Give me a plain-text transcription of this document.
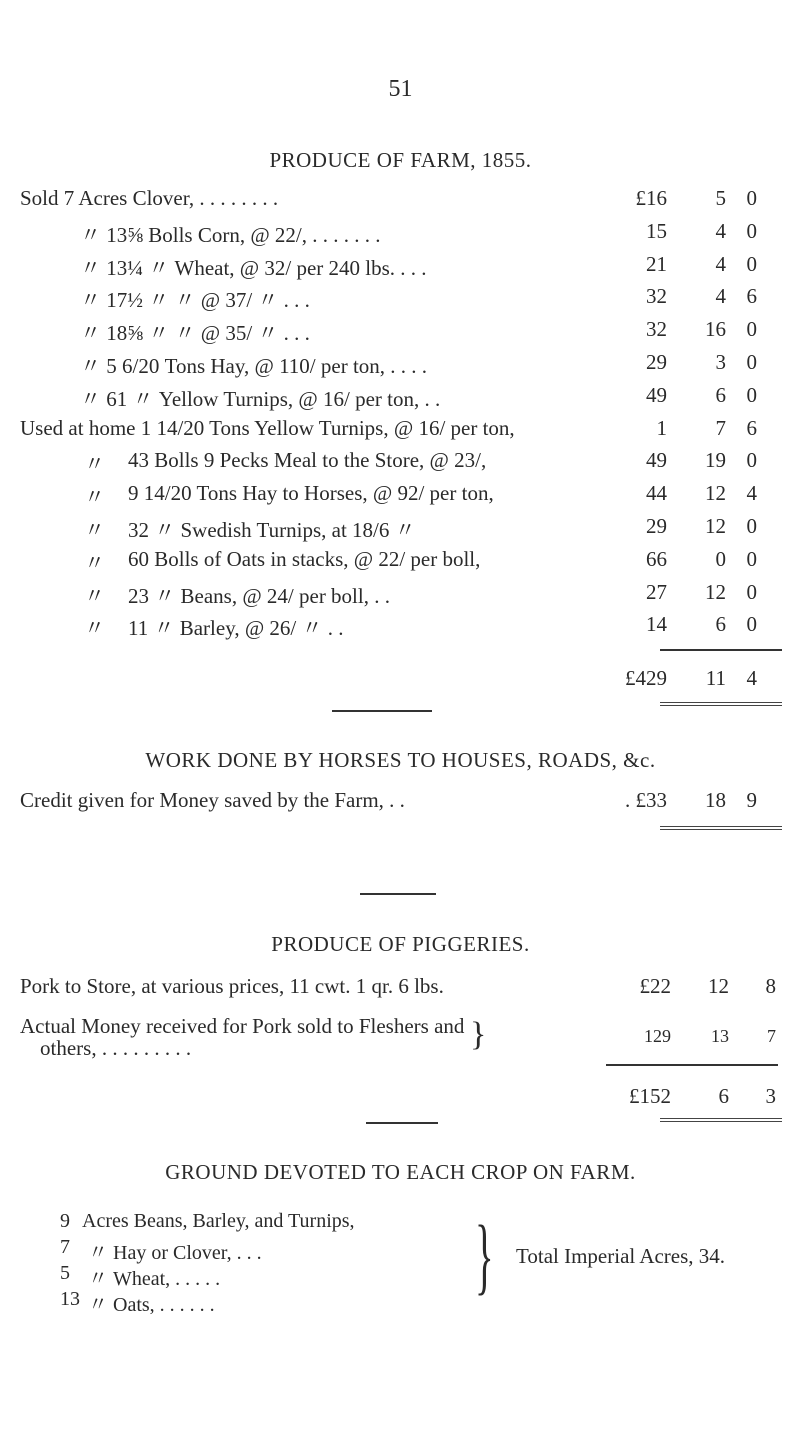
51
PRODUCE OF FARM, 1855.
Sold 7 Acres Clover, . . . . . . . .	£16 5 0
〃 13⅝ Bolls Corn, @ 22/, . . . . . . .	15 4 0
〃 13¼ 〃 Wheat, @ 32/ per 240 lbs. . . .	21 4 0
〃 17½ 〃 〃 @ 37/ 〃 . . .	32 4 6
〃 18⅝ 〃 〃 @ 35/ 〃 . . .	32 16 0
〃 5 6/20 Tons Hay, @ 110/ per ton, . . . .	29 3 0
〃 61 〃 Yellow Turnips, @ 16/ per ton, . .	49 6 0
Used at home 1 14/20 Tons Yellow Turnips, @ 16/ per ton,	1 7 6
〃 43 Bolls 9 Pecks Meal to the Store, @ 23/,	49 19 0
〃 9 14/20 Tons Hay to Horses, @ 92/ per ton,	44 12 4
〃 32 〃 Swedish Turnips, at 18/6 〃	29 12 0
〃 60 Bolls of Oats in stacks, @ 22/ per boll,	66 0 0
〃 23 〃 Beans, @ 24/ per boll, . .	27 12 0
〃 11 〃 Barley, @ 26/ 〃 . .	14 6 0
£429 11 4
WORK DONE BY HORSES TO HOUSES, ROADS, &c.
Credit given for Money saved by the Farm, . .	. £33 18 9
PRODUCE OF PIGGERIES.
Pork to Store, at various prices, 11 cwt. 1 qr. 6 lbs.	£22 12 8
Actual Money received for Pork sold to Fleshers and
others, . . . . . . . . .	}	129 13 7
£152 6 3
GROUND DEVOTED TO EACH CROP ON FARM.
9 Acres Beans, Barley, and Turnips,
7 〃 Hay or Clover, . . .
5 〃 Wheat, . . . . .
13 〃 Oats, . . . . . .
} Total Imperial Acres, 34.
